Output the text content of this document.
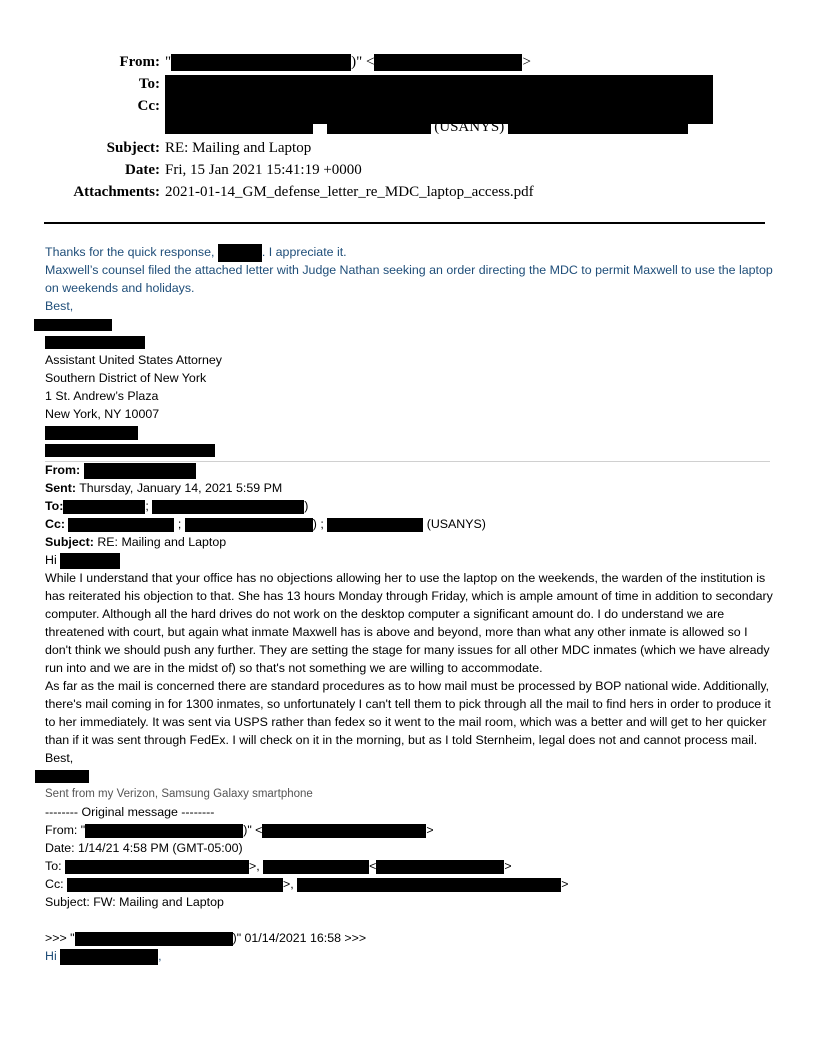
From: "	)" <	>
To:
Cc:
(USANYS)
Subject: RE: Mailing and Laptop
Date: Fri, 15 Jan 2021 15:41:19 +0000
Attachments: 2021-01-14_GM_defense_letter_re_MDC_laptop_access.pdf
Thanks for the quick response,	. I appreciate it.
Maxwell’s counsel filed the attached letter with Judge Nathan seeking an order directing the MDC to permit Maxwell to use the laptop on weekends and holidays.
Best,
Assistant United States Attorney
Southern District of New York
1 St. Andrew’s Plaza
New York, NY 10007
From:
Sent: Thursday, January 14, 2021 5:59 PM
To:	;	)
Cc:	;	) ;	(USANYS)
Subject: RE: Mailing and Laptop
Hi
While I understand that your office has no objections allowing her to use the laptop on the weekends, the warden of the institution is has reiterated his objection to that. She has 13 hours Monday through Friday, which is ample amount of time in addition to secondary computer. Although all the hard drives do not work on the desktop computer a significant amount do. I do understand we are threatened with court, but again what inmate Maxwell has is above and beyond, more than what any other inmate is allowed so I don't think we should push any further. They are setting the stage for many issues for all other MDC inmates (which we have already run into and we are in the midst of) so that's not something we are willing to accommodate.
As far as the mail is concerned there are standard procedures as to how mail must be processed by BOP national wide. Additionally, there's mail coming in for 1300 inmates, so unfortunately I can't tell them to pick through all the mail to find hers in order to produce it to her immediately. It was sent via USPS rather than fedex so it went to the mail room, which was a better and will get to her quicker than if it was sent through FedEx. I will check on it in the morning, but as I told Sternheim, legal does not and cannot process mail.
Best,
Sent from my Verizon, Samsung Galaxy smartphone
-------- Original message --------
From: "	)" <	>
Date: 1/14/21 4:58 PM (GMT-05:00)
To:	>,	<	>
Cc:	>,	>
Subject: FW: Mailing and Laptop
>>> "	)" 01/14/2021 16:58 >>>
Hi	,
